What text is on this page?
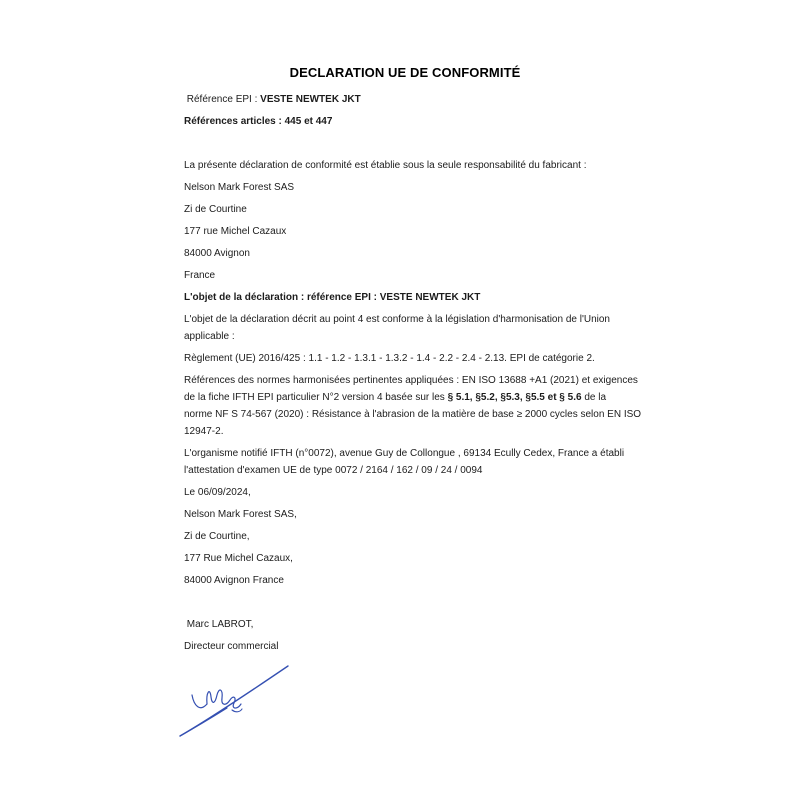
DECLARATION UE DE CONFORMITÉ
Référence EPI : VESTE NEWTEK JKT
Références articles : 445 et 447
La présente déclaration de conformité est établie sous la seule responsabilité du fabricant :
Nelson Mark Forest SAS
Zi de Courtine
177 rue Michel Cazaux
84000 Avignon
France
L'objet de la déclaration : référence EPI : VESTE NEWTEK JKT
L'objet de la déclaration décrit au point 4 est conforme à la législation d'harmonisation de l'Union
applicable :
Règlement (UE) 2016/425 : 1.1 - 1.2 - 1.3.1 - 1.3.2 - 1.4 - 2.2 - 2.4 - 2.13. EPI de catégorie 2.
Références des normes harmonisées pertinentes appliquées : EN ISO 13688 +A1 (2021) et exigences
de la fiche IFTH EPI particulier N°2 version 4 basée sur les § 5.1, §5.2, §5.3, §5.5 et § 5.6 de la
norme NF S 74-567 (2020) : Résistance à l'abrasion de la matière de base ≥ 2000 cycles selon EN ISO
12947-2.
L'organisme notifié IFTH (n°0072), avenue Guy de Collongue , 69134 Ecully Cedex, France a établi
l'attestation d'examen UE de type 0072 / 2164 / 162 / 09 / 24 / 0094
Le 06/09/2024,
Nelson Mark Forest SAS,
Zi de Courtine,
177 Rue Michel Cazaux,
84000 Avignon France
Marc LABROT,
Directeur commercial
